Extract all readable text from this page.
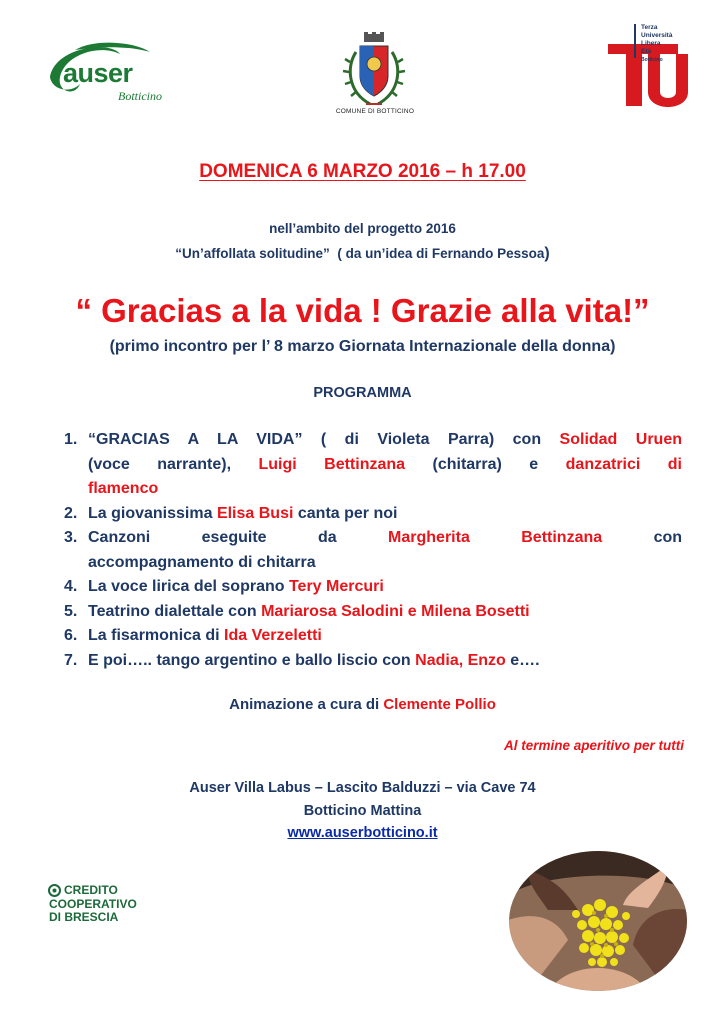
auser
Botticino
COMUNE DI BOTTICINO
Terza
Università
Libera
Età
Botticino
DOMENICA 6 MARZO 2016 – h 17.00
nell’ambito del progetto 2016
“Un’affollata solitudine” ( da un’idea di Fernando Pessoa)
“ Gracias a la vida ! Grazie alla vita!”
(primo incontro per l’ 8 marzo Giornata Internazionale della donna)
PROGRAMMA
1. “GRACIAS A LA VIDA” ( di Violeta Parra) con Solidad Uruen
(voce narrante), Luigi Bettinzana (chitarra) e danzatrici di
flamenco
2. La giovanissima Elisa Busi canta per noi
3. Canzoni eseguite da Margherita Bettinzana con
accompagnamento di chitarra
4. La voce lirica del soprano Tery Mercuri
5. Teatrino dialettale con Mariarosa Salodini e Milena Bosetti
6. La fisarmonica di Ida Verzeletti
7. E poi….. tango argentino e ballo liscio con Nadia, Enzo e….
Animazione a cura di Clemente Pollio
Al termine aperitivo per tutti
Auser Villa Labus – Lascito Balduzzi – via Cave 74
Botticino Mattina
www.auserbotticino.it
CREDITO
COOPERATIVO
DI BRESCIA
